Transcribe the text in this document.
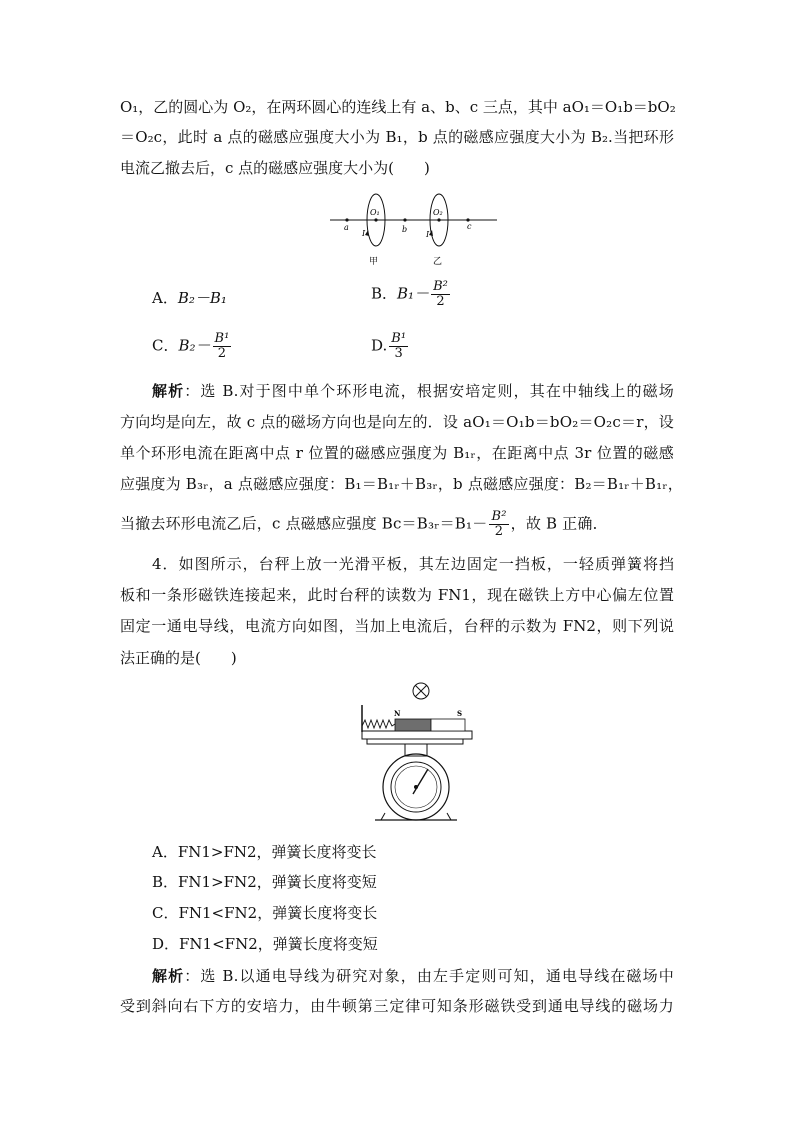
O₁，乙的圆心为 O₂，在两环圆心的连线上有 a、b、c 三点，其中 aO₁＝O₁b＝bO₂
＝O₂c，此时 a 点的磁感应强度大小为 B₁，b 点的磁感应强度大小为 B₂.当把环形
电流乙撤去后，c 点的磁感应强度大小为(　　)
a	b	c
O₁	O₂
I	I
甲	乙
A．B₂－B₁	B．$B_1- \frac{\text{B²}}{2}$
C．$B_2- \frac{\text{B¹}}{2}$	D. $\frac{\text{B¹}}{3}$
解析：选 B.对于图中单个环形电流，根据安培定则，其在中轴线上的磁场
方向均是向左，故 c 点的磁场方向也是向左的．设 aO₁＝O₁b＝bO₂＝O₂c＝r，设
单个环形电流在距离中点 r 位置的磁感应强度为 B₁ᵣ，在距离中点 3r 位置的磁感
应强度为 B₃ᵣ，a 点磁感应强度：B₁＝B₁ᵣ＋B₃ᵣ，b 点磁感应强度：B₂＝B₁ᵣ＋B₁ᵣ，
当撤去环形电流乙后，c 点磁感应强度 Bc＝B₃ᵣ＝B₁－ $\frac{\text{B²}}{2}$ ，故 B 正确．
4．如图所示，台秤上放一光滑平板，其左边固定一挡板，一轻质弹簧将挡
板和一条形磁铁连接起来，此时台秤的读数为 FN1，现在磁铁上方中心偏左位置
固定一通电导线，电流方向如图，当加上电流后，台秤的示数为 FN2，则下列说
法正确的是(　　)
N	S
A．FN1>FN2，弹簧长度将变长
B．FN1>FN2，弹簧长度将变短
C．FN1<FN2，弹簧长度将变长
D．FN1<FN2，弹簧长度将变短
解析：选 B.以通电导线为研究对象，由左手定则可知，通电导线在磁场中
受到斜向右下方的安培力，由牛顿第三定律可知条形磁铁受到通电导线的磁场力
